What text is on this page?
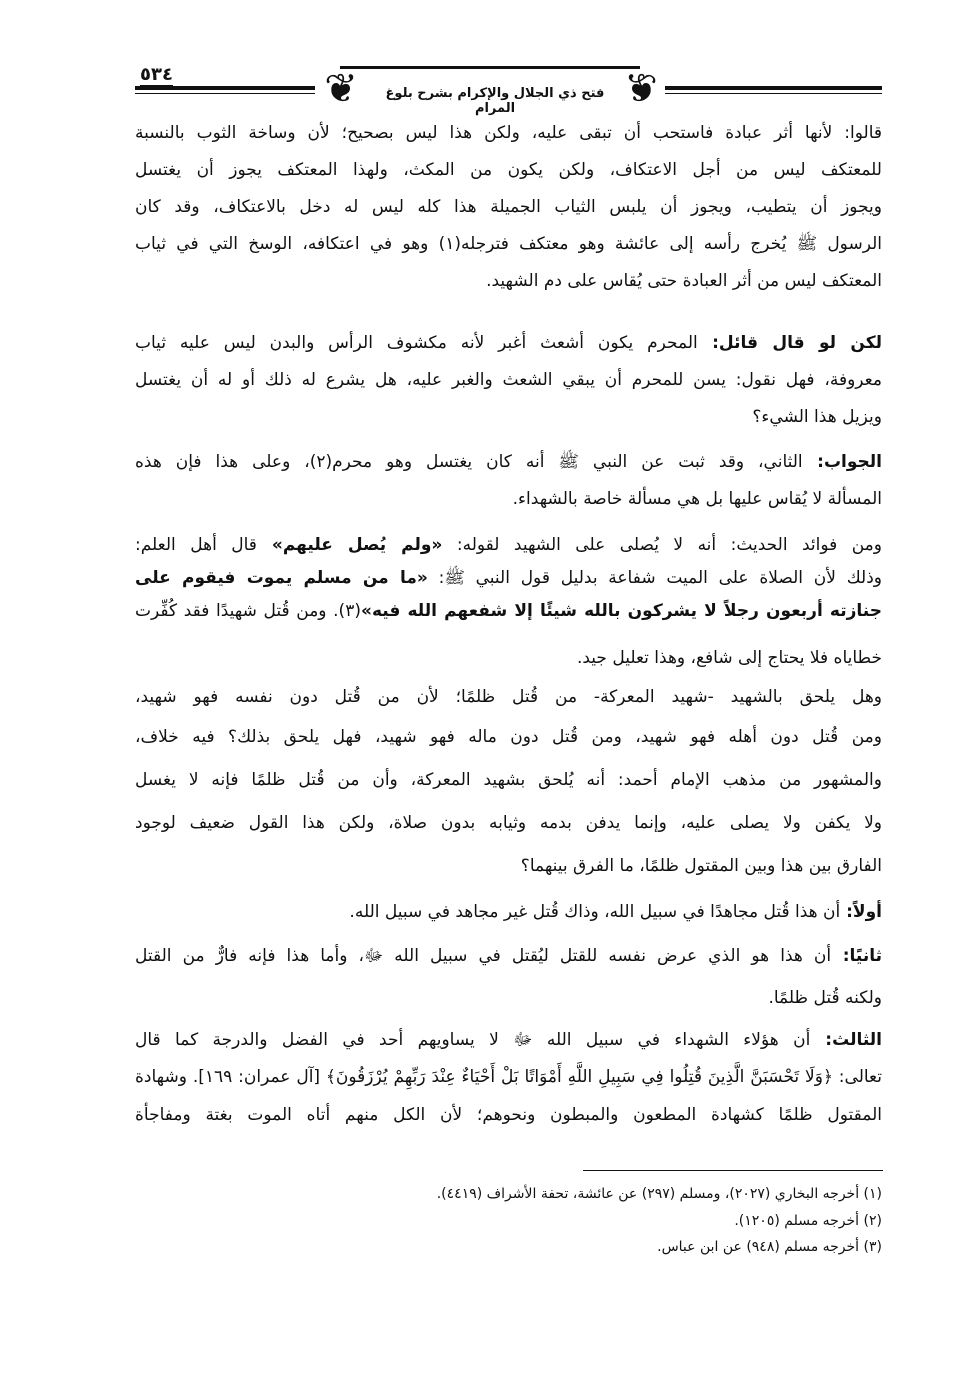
٥٣٤	❦	❦
فتح ذي الجلال والإكرام بشرح بلوغ المرام
قالوا: لأنها أثر عبادة فاستحب أن تبقى عليه، ولكن هذا ليس بصحيح؛ لأن وساخة الثوب بالنسبة
للمعتكف ليس من أجل الاعتكاف، ولكن يكون من المكث، ولهذا المعتكف يجوز أن يغتسل
ويجوز أن يتطيب، ويجوز أن يلبس الثياب الجميلة هذا كله ليس له دخل بالاعتكاف، وقد كان
الرسول ﷺ يُخرج رأسه إلى عائشة وهو معتكف فترجله(١) وهو في اعتكافه، الوسخ التي في ثياب
المعتكف ليس من أثر العبادة حتى يُقاس على دم الشهيد.
لكن لو قال قائل: المحرم يكون أشعث أغبر لأنه مكشوف الرأس والبدن ليس عليه ثياب
معروفة، فهل نقول: يسن للمحرم أن يبقي الشعث والغبر عليه، هل يشرع له ذلك أو له أن يغتسل
ويزيل هذا الشيء؟
الجواب: الثاني، وقد ثبت عن النبي ﷺ أنه كان يغتسل وهو محرم(٢)، وعلى هذا فإن هذه
المسألة لا يُقاس عليها بل هي مسألة خاصة بالشهداء.
ومن فوائد الحديث: أنه لا يُصلى على الشهيد لقوله: «ولم يُصل عليهم» قال أهل العلم:
وذلك لأن الصلاة على الميت شفاعة بدليل قول النبي ﷺ: «ما من مسلم يموت فيقوم على
جنازته أربعون رجلاً لا يشركون بالله شيئًا إلا شفعهم الله فيه»(٣). ومن قُتل شهيدًا فقد كُفِّرت
خطاياه فلا يحتاج إلى شافع، وهذا تعليل جيد.
وهل يلحق بالشهيد -شهيد المعركة- من قُتل ظلمًا؛ لأن من قُتل دون نفسه فهو شهيد،
ومن قُتل دون أهله فهو شهيد، ومن قُتل دون ماله فهو شهيد، فهل يلحق بذلك؟ فيه خلاف،
والمشهور من مذهب الإمام أحمد: أنه يُلحق بشهيد المعركة، وأن من قُتل ظلمًا فإنه لا يغسل
ولا يكفن ولا يصلى عليه، وإنما يدفن بدمه وثيابه بدون صلاة، ولكن هذا القول ضعيف لوجود
الفارق بين هذا وبين المقتول ظلمًا، ما الفرق بينهما؟
أولاً: أن هذا قُتل مجاهدًا في سبيل الله، وذاك قُتل غير مجاهد في سبيل الله.
ثانيًا: أن هذا هو الذي عرض نفسه للقتل ليُقتل في سبيل الله ﷻ، وأما هذا فإنه فارٌّ من القتل
ولكنه قُتل ظلمًا.
الثالث: أن هؤلاء الشهداء في سبيل الله ﷻ لا يساويهم أحد في الفضل والدرجة كما قال
تعالى: ﴿وَلَا تَحْسَبَنَّ الَّذِينَ قُتِلُوا فِي سَبِيلِ اللَّهِ أَمْوَاتًا بَلْ أَحْيَاءٌ عِنْدَ رَبِّهِمْ يُرْزَقُونَ﴾ [آل عمران: ١٦٩]. وشهادة
المقتول ظلمًا كشهادة المطعون والمبطون ونحوهم؛ لأن الكل منهم أتاه الموت بغتة ومفاجأة
(١) أخرجه البخاري (٢٠٢٧)، ومسلم (٢٩٧) عن عائشة، تحفة الأشراف (٤٤١٩).
(٢) أخرجه مسلم (١٢٠٥).
(٣) أخرجه مسلم (٩٤٨) عن ابن عباس.
